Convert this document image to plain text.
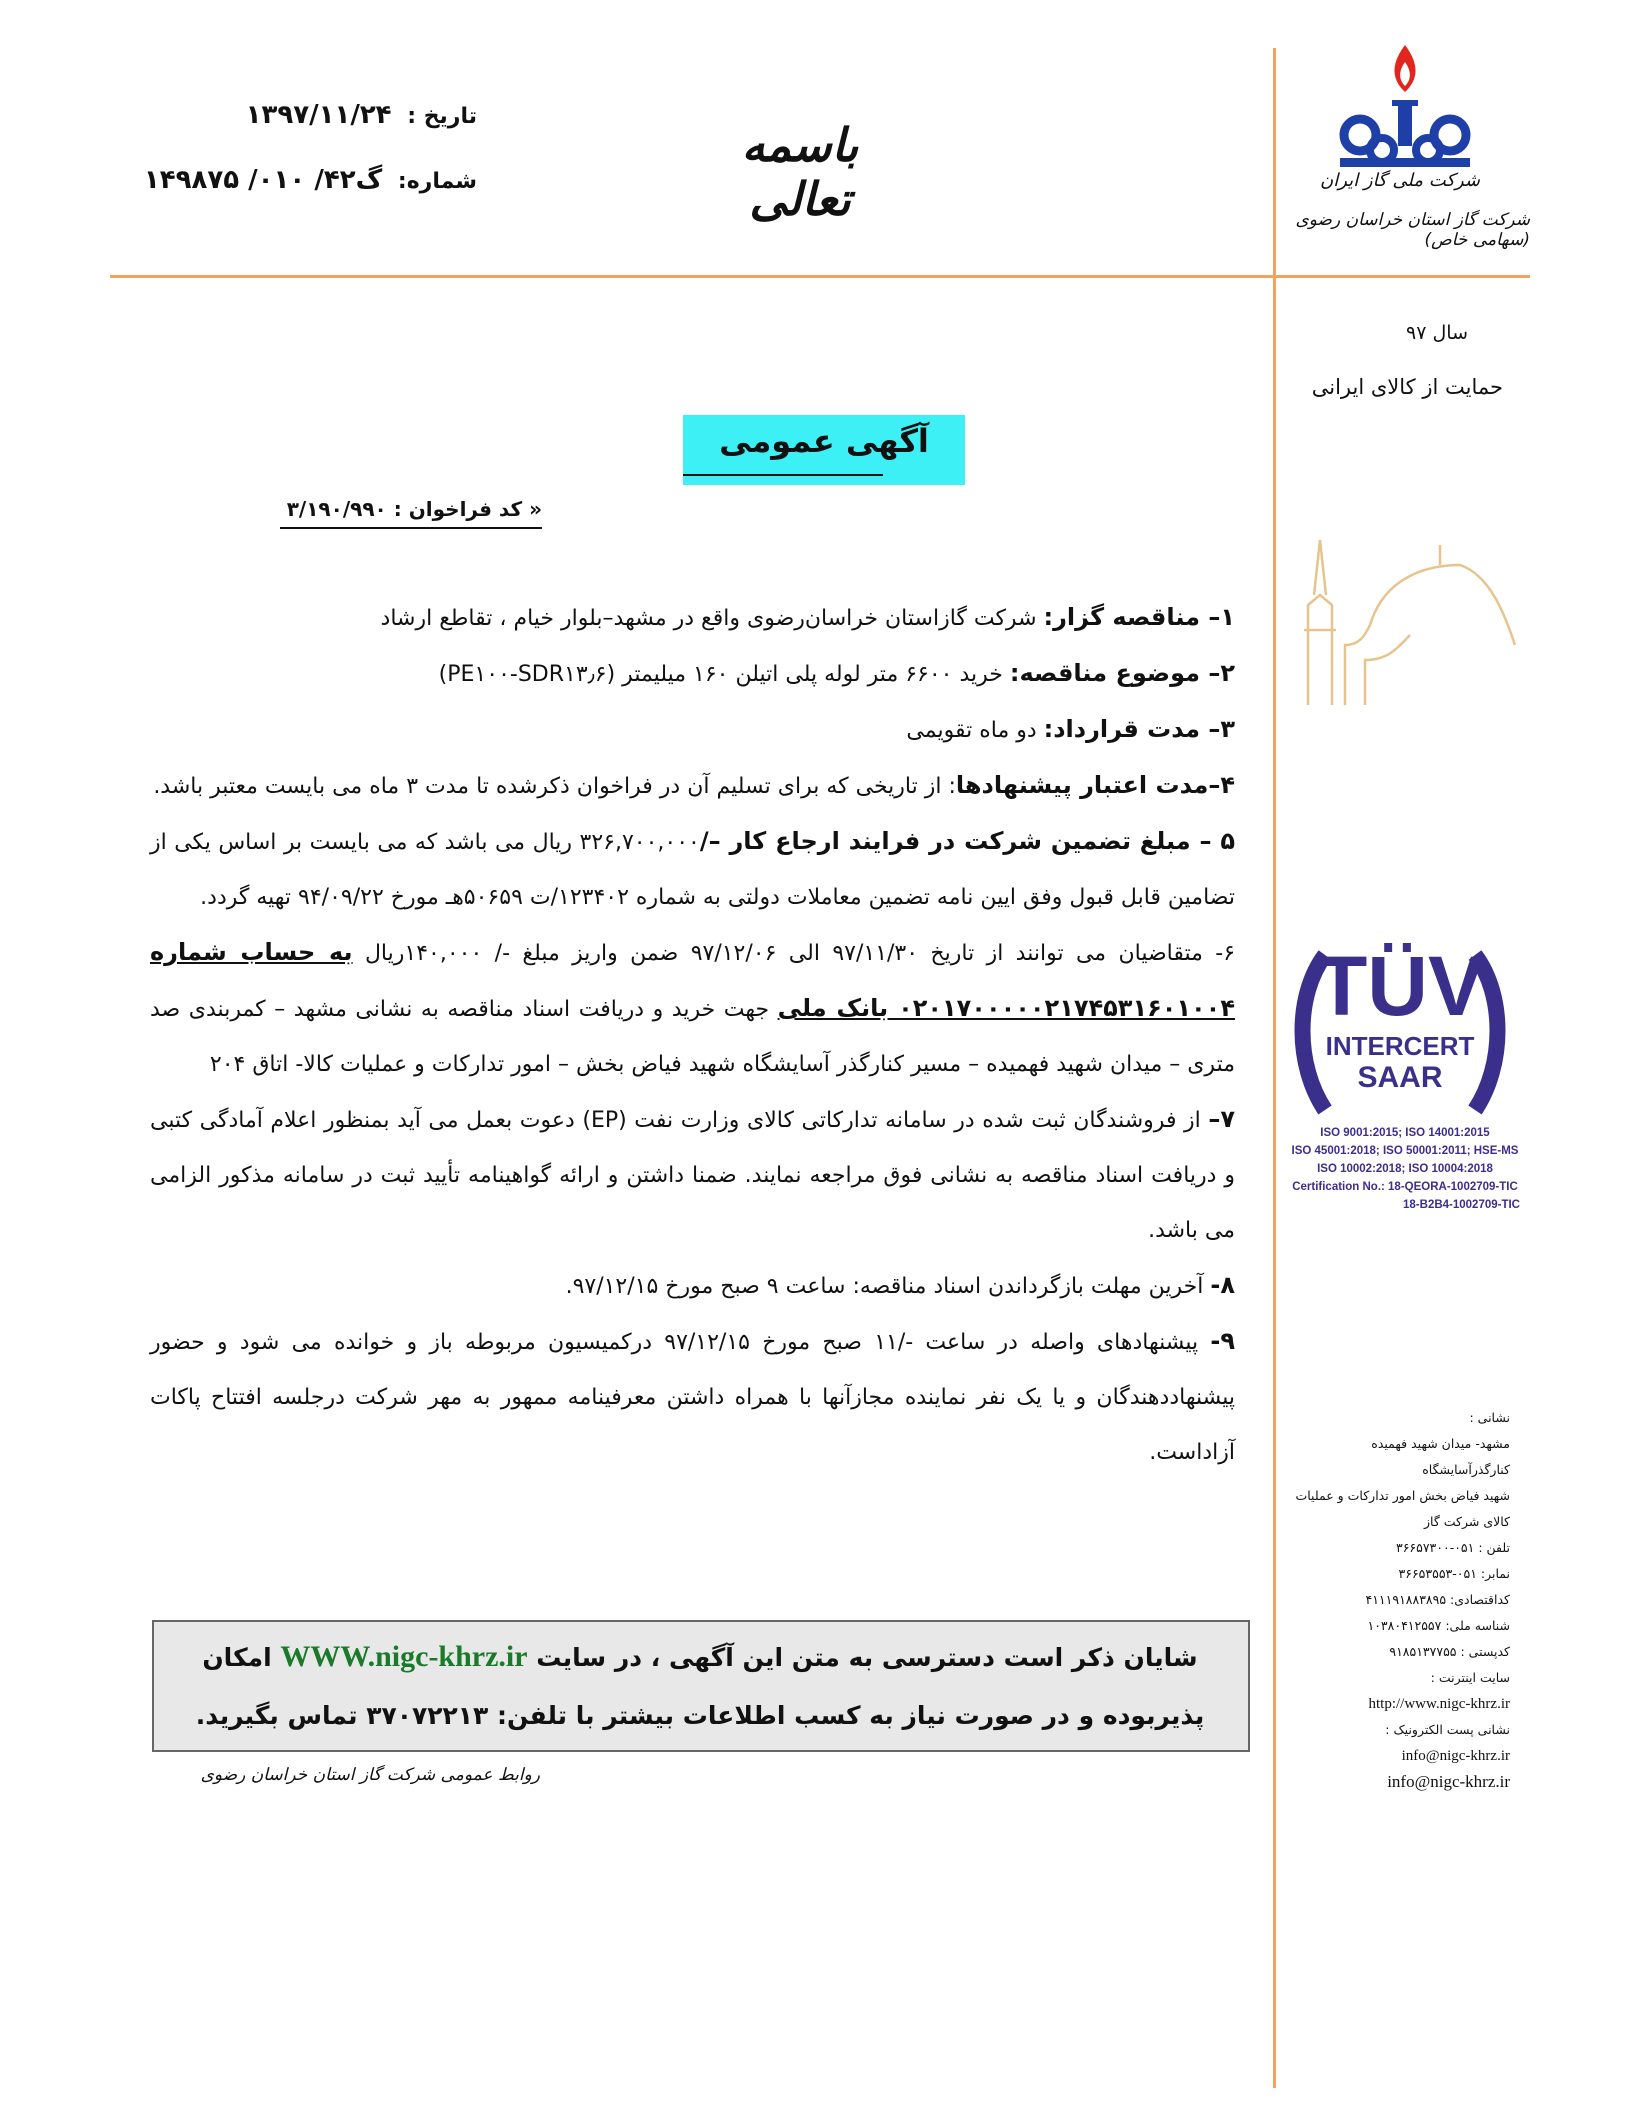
باسمه تعالی
تاریخ : ۱۳۹۷/۱۱/۲۴
شماره: گ۴۲/ ۰۱۰/ ۱۴۹۸۷۵	شرکت ملی گاز ایران
شرکت گاز استان خراسان رضوی (سهامی خاص)
سال ۹۷
حمایت از کالای ایرانی
TÜV
INTERCERT
SAAR
ISO 9001:2015; ISO 14001:2015
ISO 45001:2018; ISO 50001:2011; HSE-MS
ISO 10002:2018; ISO 10004:2018
Certification No.: 18-QEORA-1002709-TIC
18-B2B4-1002709-TIC
نشانی :
مشهد- میدان شهید فهمیده کنارگذرآسایشگاه
شهید فیاض بخش امور تدارکات و عملیات
کالای شرکت گاز
تلفن : ۰۵۱-۳۶۶۵۷۳۰۰
نمابر: ۰۵۱-۳۶۶۵۳۵۵۳
کداقتصادی: ۴۱۱۱۹۱۸۸۳۸۹۵
شناسه ملی: ۱۰۳۸۰۴۱۲۵۵۷
کدپستی : ۹۱۸۵۱۳۷۷۵۵
سایت اینترنت :
http://www.nigc-khrz.ir
نشانی پست الکترونیک :
info@nigc-khrz.ir
info@nigc-khrz.ir
آگهی عمومی
« کد فراخوان : ۳/۱۹۰/۹۹۰

۱– مناقصه گزار: شرکت گازاستان خراسان‌رضوی واقع در مشهد–بلوار خیام ، تقاطع ارشاد

۲– موضوع مناقصه: خرید ۶۶۰۰ متر لوله پلی اتیلن ۱۶۰ میلیمتر (PE۱۰۰-SDR۱۳٫۶)

۳– مدت قرارداد: دو ماه تقویمی

۴–مدت اعتبار پیشنهادها: از تاریخی که برای تسلیم آن در فراخوان ذکرشده تا مدت ۳ ماه می بایست معتبر باشد.

۵ – مبلغ تضمین شرکت در فرایند ارجاع کار –/۳۲۶,۷۰۰,۰۰۰ ریال می باشد که می بایست بر اساس یکی از تضامین قابل قبول وفق ایین نامه تضمین معاملات دولتی به شماره ۱۲۳۴۰۲/ت ۵۰۶۵۹هـ مورخ ۹۴/۰۹/۲۲ تهیه گردد.

۶- متقاضیان می توانند از تاریخ ۹۷/۱۱/۳۰ الی ۹۷/۱۲/۰۶ ضمن واریز مبلغ -/ ۱۴۰,۰۰۰ریال به حساب شماره ۰۲۰۱۷۰۰۰۰۰۲۱۷۴۵۳۱۶۰۱۰۰۴ بانک ملی جهت خرید و دریافت اسناد مناقصه به نشانی مشهد – کمربندی صد متری – میدان شهید فهمیده – مسیر کنارگذر آسایشگاه شهید فیاض بخش – امور تدارکات و عملیات کالا- اتاق ۲۰۴

۷– از فروشندگان ثبت شده در سامانه تدارکاتی کالای وزارت نفت (EP) دعوت بعمل می آید بمنظور اعلام آمادگی کتبی و دریافت اسناد مناقصه به نشانی فوق مراجعه نمایند. ضمنا داشتن و ارائه گواهینامه تأیید ثبت در سامانه مذکور الزامی می باشد.

۸- آخرین مهلت بازگرداندن اسناد مناقصه: ساعت ۹ صبح مورخ ۹۷/۱۲/۱۵.

۹- پیشنهادهای واصله در ساعت -/۱۱ صبح مورخ ۹۷/۱۲/۱۵ درکمیسیون مربوطه باز و خوانده می شود و حضور پیشنهاددهندگان و یا یک نفر نماینده مجازآنها با همراه داشتن معرفینامه ممهور به مهر شرکت درجلسه افتتاح پاکات آزاداست.

شایان ذکر است دسترسی به متن این آگهی ، در سایت WWW.nigc-khrz.ir امکان
پذیربوده و در صورت نیاز به کسب اطلاعات بیشتر با تلفن: ۳۷۰۷۲۲۱۳ تماس بگیرید.
روابط عمومی شرکت گاز استان خراسان رضوی
